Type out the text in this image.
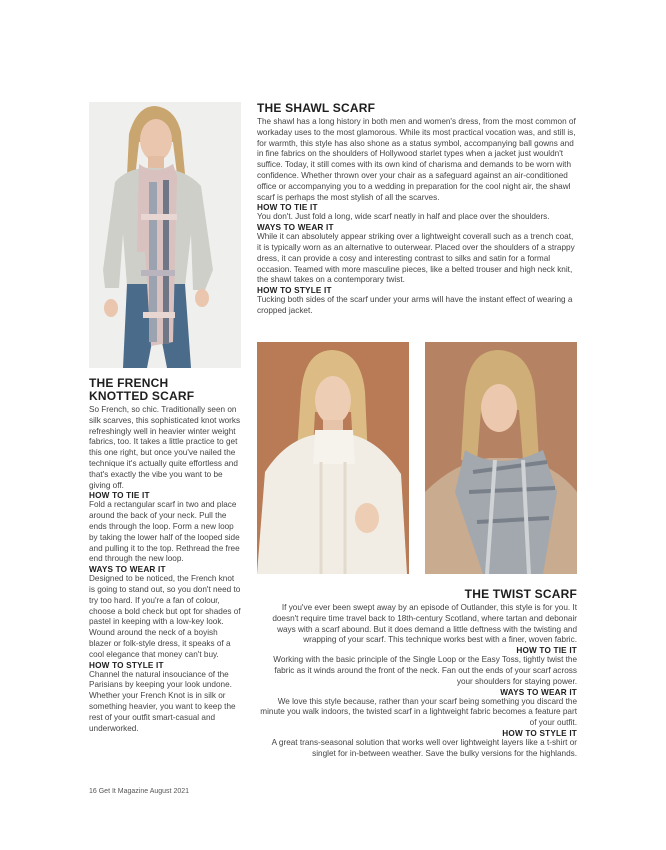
THE SHAWL SCARF
The shawl has a long history in both men and women's dress, from the most common of workaday uses to the most glamorous. While its most practical vocation was, and still is, for warmth, this style has also shone as a status symbol, accompanying ball gowns and in fine fabrics on the shoulders of Hollywood starlet types when a jacket just wouldn't suffice. Today, it still comes with its own kind of charisma and demands to be worn with confidence. Whether thrown over your chair as a safeguard against an air-conditioned office or accompanying you to a wedding in preparation for the cool night air, the shawl scarf is perhaps the most stylish of all the scarves.
HOW TO TIE IT
You don't. Just fold a long, wide scarf neatly in half and place over the shoulders.
WAYS TO WEAR IT
While it can absolutely appear striking over a lightweight coverall such as a trench coat, it is typically worn as an alternative to outerwear. Placed over the shoulders of a strappy dress, it can provide a cosy and interesting contrast to silks and satin for a formal occasion. Teamed with more masculine pieces, like a belted trouser and high neck knit, the shawl takes on a contemporary twist.
HOW TO STYLE IT
Tucking both sides of the scarf under your arms will have the instant effect of wearing a cropped jacket.
THE FRENCH
KNOTTED SCARF
So French, so chic. Traditionally seen on silk scarves, this sophisticated knot works refreshingly well in heavier winter weight fabrics, too. It takes a little practice to get this one right, but once you've nailed the technique it's actually quite effortless and that's exactly the vibe you want to be giving off.
HOW TO TIE IT
Fold a rectangular scarf in two and place around the back of your neck. Pull the ends through the loop. Form a new loop by taking the lower half of the looped side and pulling it to the top. Rethread the free end through the new loop.
WAYS TO WEAR IT
Designed to be noticed, the French knot is going to stand out, so you don't need to try too hard. If you're a fan of colour, choose a bold check but opt for shades of pastel in keeping with a low-key look. Wound around the neck of a boyish blazer or folk-style dress, it speaks of a cool elegance that money can't buy.
HOW TO STYLE IT
Channel the natural insouciance of the Parisians by keeping your look undone. Whether your French Knot is in silk or something heavier, you want to keep the rest of your outfit smart-casual and underworked.
THE TWIST SCARF
If you've ever been swept away by an episode of Outlander, this style is for you. It doesn't require time travel back to 18th-century Scotland, where tartan and debonair ways with a scarf abound. But it does demand a little deftness with the twisting and wrapping of your scarf. This technique works best with a finer, woven fabric.
HOW TO TIE IT
Working with the basic principle of the Single Loop or the Easy Toss, tightly twist the fabric as it winds around the front of the neck. Fan out the ends of your scarf across your shoulders for staying power.
WAYS TO WEAR IT
We love this style because, rather than your scarf being something you discard the minute you walk indoors, the twisted scarf in a lightweight fabric becomes a feature part of your outfit.
HOW TO STYLE IT
A great trans-seasonal solution that works well over lightweight layers like a t-shirt or singlet for in-between weather. Save the bulky versions for the highlands.
16 Get It Magazine August 2021
